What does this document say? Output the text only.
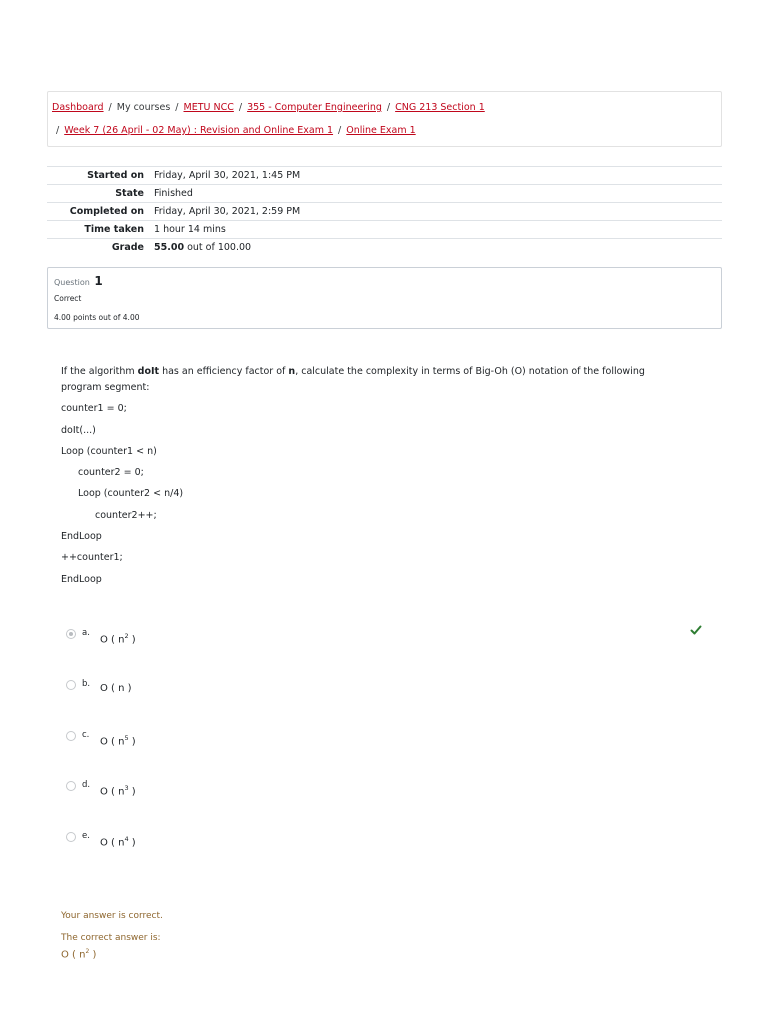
Dashboard / My courses / METU NCC / 355 - Computer Engineering / CNG 213 Section 1
/ Week 7 (26 April - 02 May) : Revision and Online Exam 1 / Online Exam 1
Started on	Friday, April 30, 2021, 1:45 PM
State	Finished
Completed on	Friday, April 30, 2021, 2:59 PM
Time taken	1 hour 14 mins
Grade	55.00 out of 100.00
Question 1
Correct
4.00 points out of 4.00
If the algorithm doIt has an efficiency factor of n, calculate the complexity in terms of Big-Oh (O) notation of the following program segment:
counter1 = 0;
doIt(...)
Loop (counter1 < n)
counter2 = 0;
Loop (counter2 < n/4)
counter2++;
EndLoop
++counter1;
EndLoop
a.
O ( $n^2$ )
b. O ( n )
c.
O ( $n^5$ )
d.
O ( $n^3$ )
e.
O ( $n^4$ )
Your answer is correct.
The correct answer is:
O ( $n^2$ )
